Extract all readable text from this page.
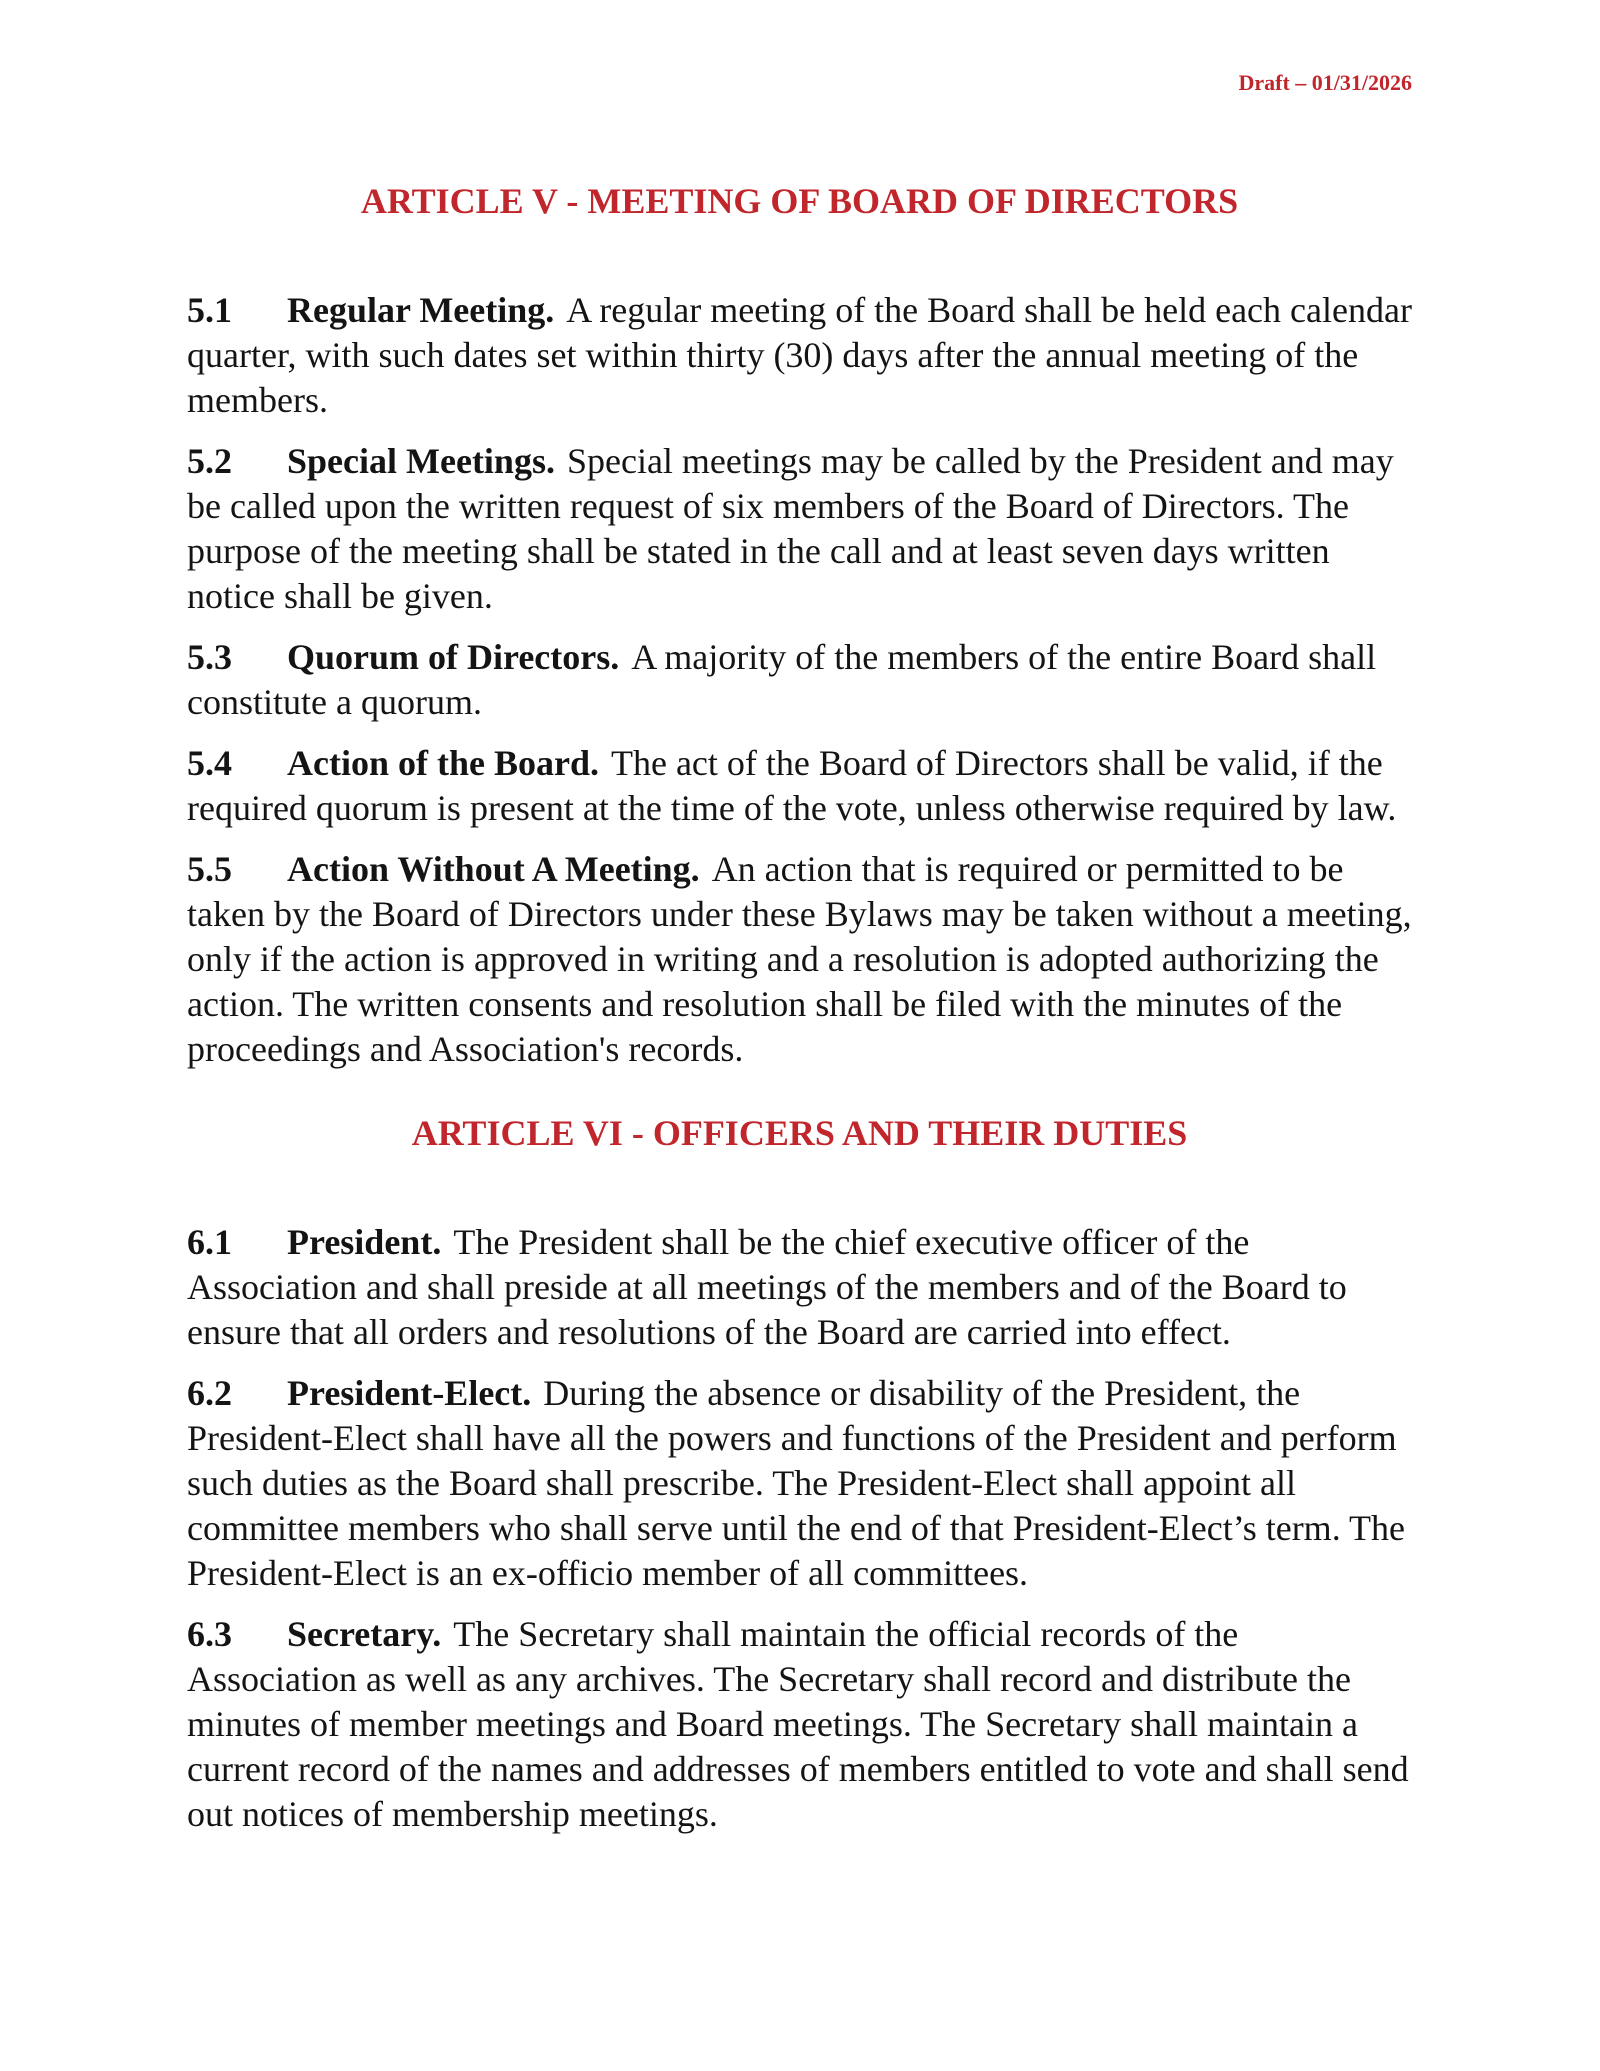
Draft – 01/31/2026
ARTICLE V - MEETING OF BOARD OF DIRECTORS

5.1 Regular Meeting. A regular meeting of the Board shall be held each calendar quarter, with such dates set within thirty (30) days after the annual meeting of the members.

5.2 Special Meetings. Special meetings may be called by the President and may be called upon the written request of six members of the Board of Directors. The purpose of the meeting shall be stated in the call and at least seven days written notice shall be given.

5.3 Quorum of Directors. A majority of the members of the entire Board shall constitute a quorum.

5.4 Action of the Board. The act of the Board of Directors shall be valid, if the required quorum is present at the time of the vote, unless otherwise required by law.

5.5 Action Without A Meeting. An action that is required or permitted to be taken by the Board of Directors under these Bylaws may be taken without a meeting, only if the action is approved in writing and a resolution is adopted authorizing the action. The written consents and resolution shall be filed with the minutes of the proceedings and Association's records.

ARTICLE VI - OFFICERS AND THEIR DUTIES

6.1 President. The President shall be the chief executive officer of the Association and shall preside at all meetings of the members and of the Board to ensure that all orders and resolutions of the Board are carried into effect.

6.2 President-Elect. During the absence or disability of the President, the President-Elect shall have all the powers and functions of the President and perform such duties as the Board shall prescribe. The President-Elect shall appoint all committee members who shall serve until the end of that President-Elect’s term. The President-Elect is an ex-officio member of all committees.

6.3 Secretary. The Secretary shall maintain the official records of the Association as well as any archives. The Secretary shall record and distribute the minutes of member meetings and Board meetings. The Secretary shall maintain a current record of the names and addresses of members entitled to vote and shall send out notices of membership meetings.
